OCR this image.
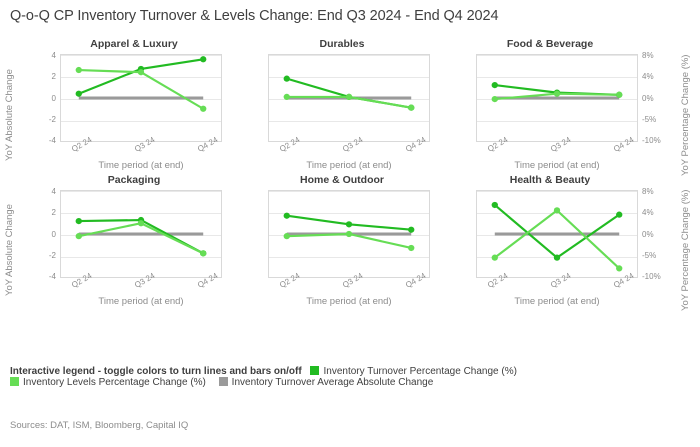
Q-o-Q CP Inventory Turnover & Levels Change: End Q3 2024 - End Q4 2024
YoY Absolute Change
YoY Absolute Change
YoY Percentage Change (%)
YoY Percentage Change (%)
Apparel & Luxury
4
2
0
-2
-4 Q2 24	Q3 24	Q4 24
Time period (at end)
Durables
Q2 24	Q3 24	Q4 24
Time period (at end)
Food & Beverage
8%
4%
0%
-5%
-10%
Q2 24	Q3 24	Q4 24
Time period (at end)
Packaging
4
2
0
-2
-4 Q2 24	Q3 24	Q4 24
Time period (at end)
Home & Outdoor
Q2 24	Q3 24	Q4 24
Time period (at end)
Health & Beauty
8%
4%
0%
-5%
-10%
Q2 24	Q3 24	Q4 24
Time period (at end)
Interactive legend - toggle colors to turn lines and bars on/off Inventory Turnover Percentage Change (%)
Inventory Levels Percentage Change (%)	Inventory Turnover Average Absolute Change
Sources: DAT, ISM, Bloomberg, Capital IQ
